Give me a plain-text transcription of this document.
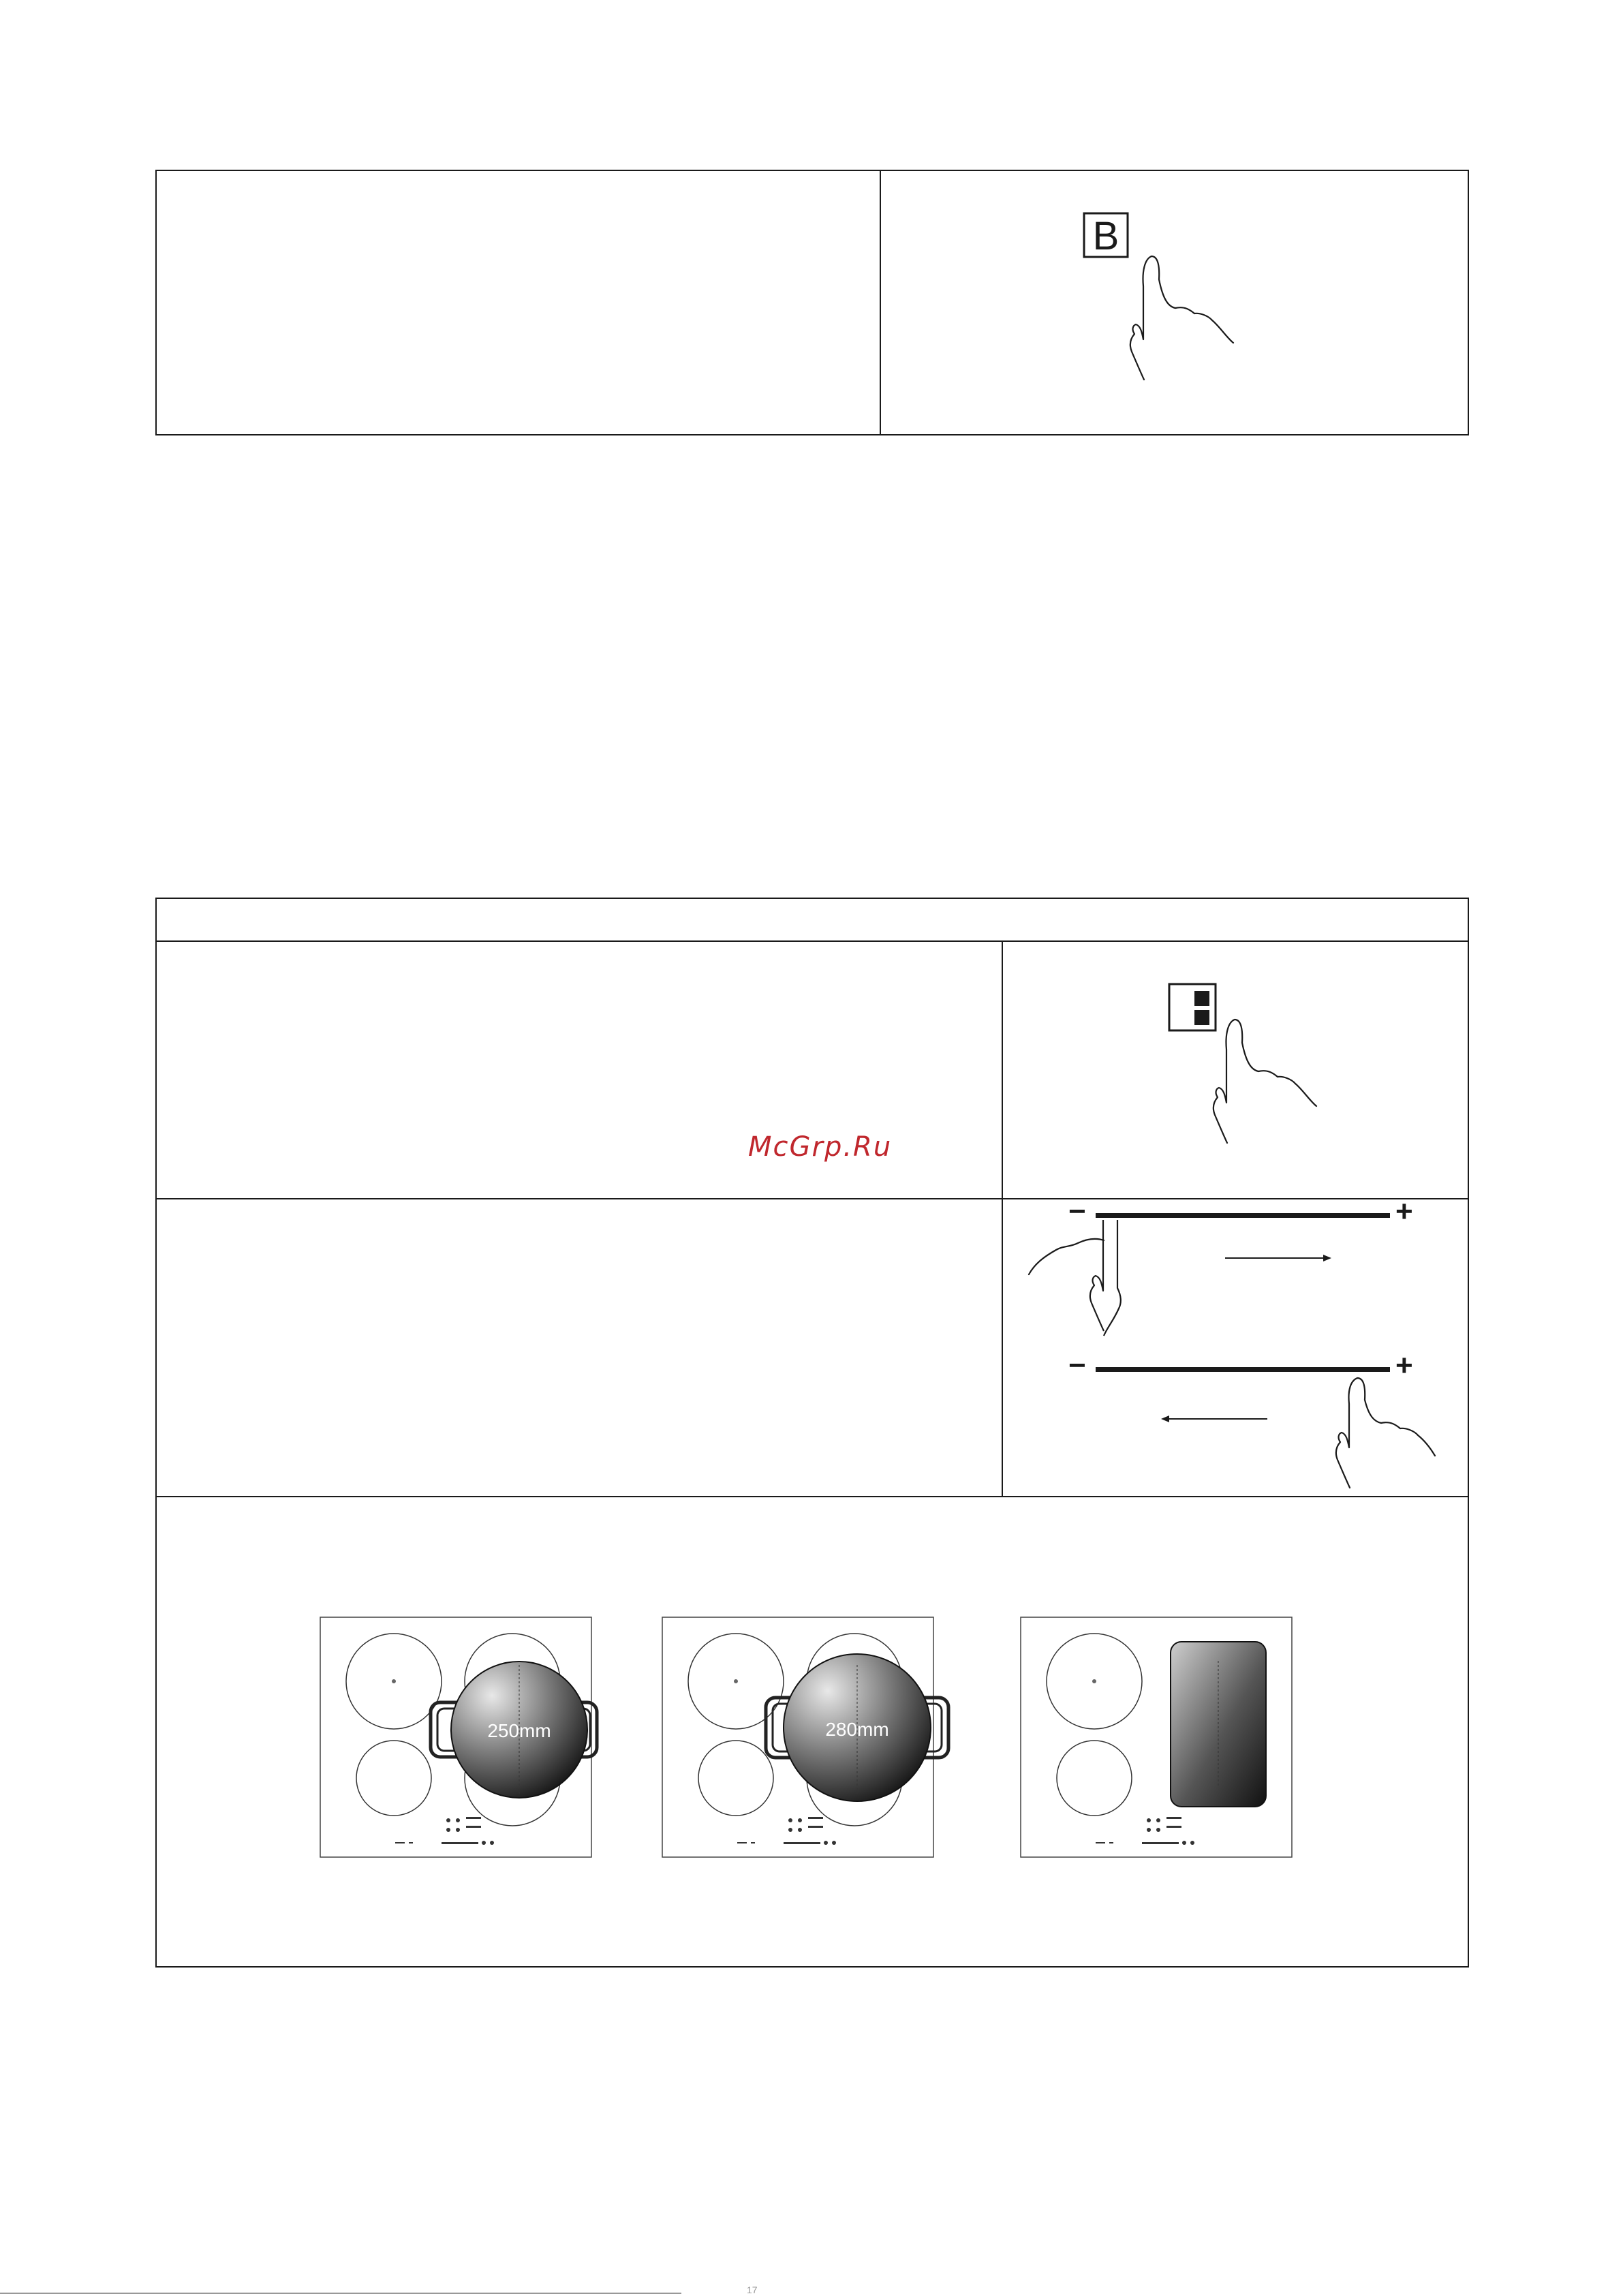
B
−	+
−	+
250mm	280mm
McGrp.Ru
17
